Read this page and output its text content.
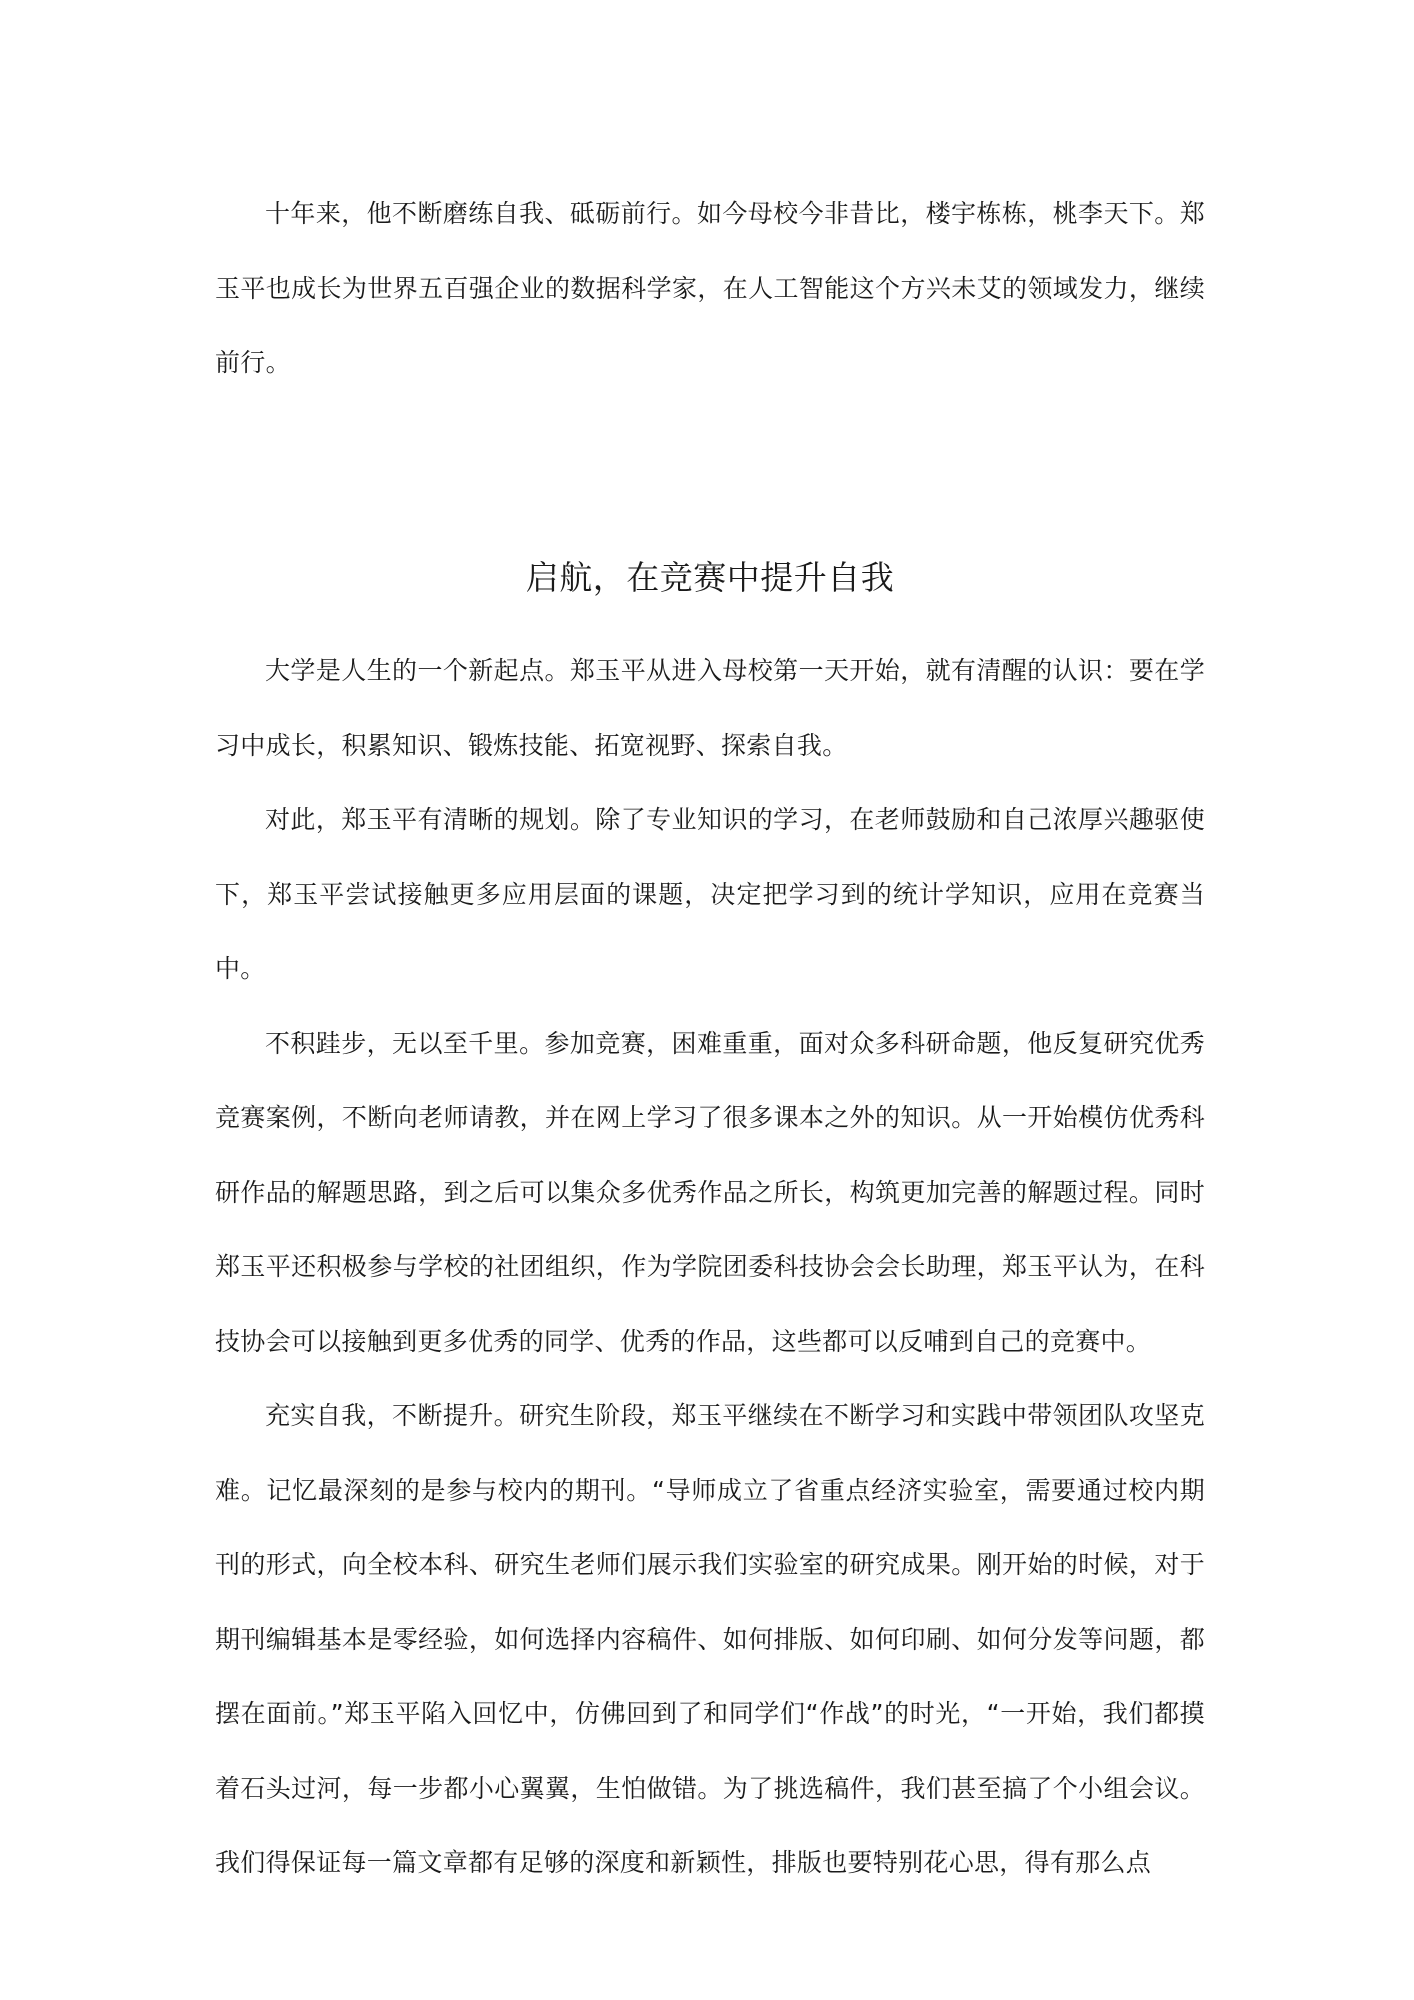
十年来，他不断磨练自我、砥砺前行。如今母校今非昔比，楼宇栋栋，桃李天下。郑玉平也成长为世界五百强企业的数据科学家，在人工智能这个方兴未艾的领域发力，继续前行。

启航，在竞赛中提升自我

大学是人生的一个新起点。郑玉平从进入母校第一天开始，就有清醒的认识：要在学习中成长，积累知识、锻炼技能、拓宽视野、探索自我。

对此，郑玉平有清晰的规划。除了专业知识的学习，在老师鼓励和自己浓厚兴趣驱使下，郑玉平尝试接触更多应用层面的课题，决定把学习到的统计学知识，应用在竞赛当中。

不积跬步，无以至千里。参加竞赛，困难重重，面对众多科研命题，他反复研究优秀竞赛案例，不断向老师请教，并在网上学习了很多课本之外的知识。从一开始模仿优秀科研作品的解题思路，到之后可以集众多优秀作品之所长，构筑更加完善的解题过程。同时郑玉平还积极参与学校的社团组织，作为学院团委科技协会会长助理，郑玉平认为，在科技协会可以接触到更多优秀的同学、优秀的作品，这些都可以反哺到自己的竞赛中。

充实自我，不断提升。研究生阶段，郑玉平继续在不断学习和实践中带领团队攻坚克难。记忆最深刻的是参与校内的期刊。“导师成立了省重点经济实验室，需要通过校内期刊的形式，向全校本科、研究生老师们展示我们实验室的研究成果。刚开始的时候，对于期刊编辑基本是零经验，如何选择内容稿件、如何排版、如何印刷、如何分发等问题，都摆在面前。”郑玉平陷入回忆中，仿佛回到了和同学们“作战”的时光，“一开始，我们都摸着石头过河，每一步都小心翼翼，生怕做错。为了挑选稿件，我们甚至搞了个小组会议。我们得保证每一篇文章都有足够的深度和新颖性，排版也要特别花心思，得有那么点
